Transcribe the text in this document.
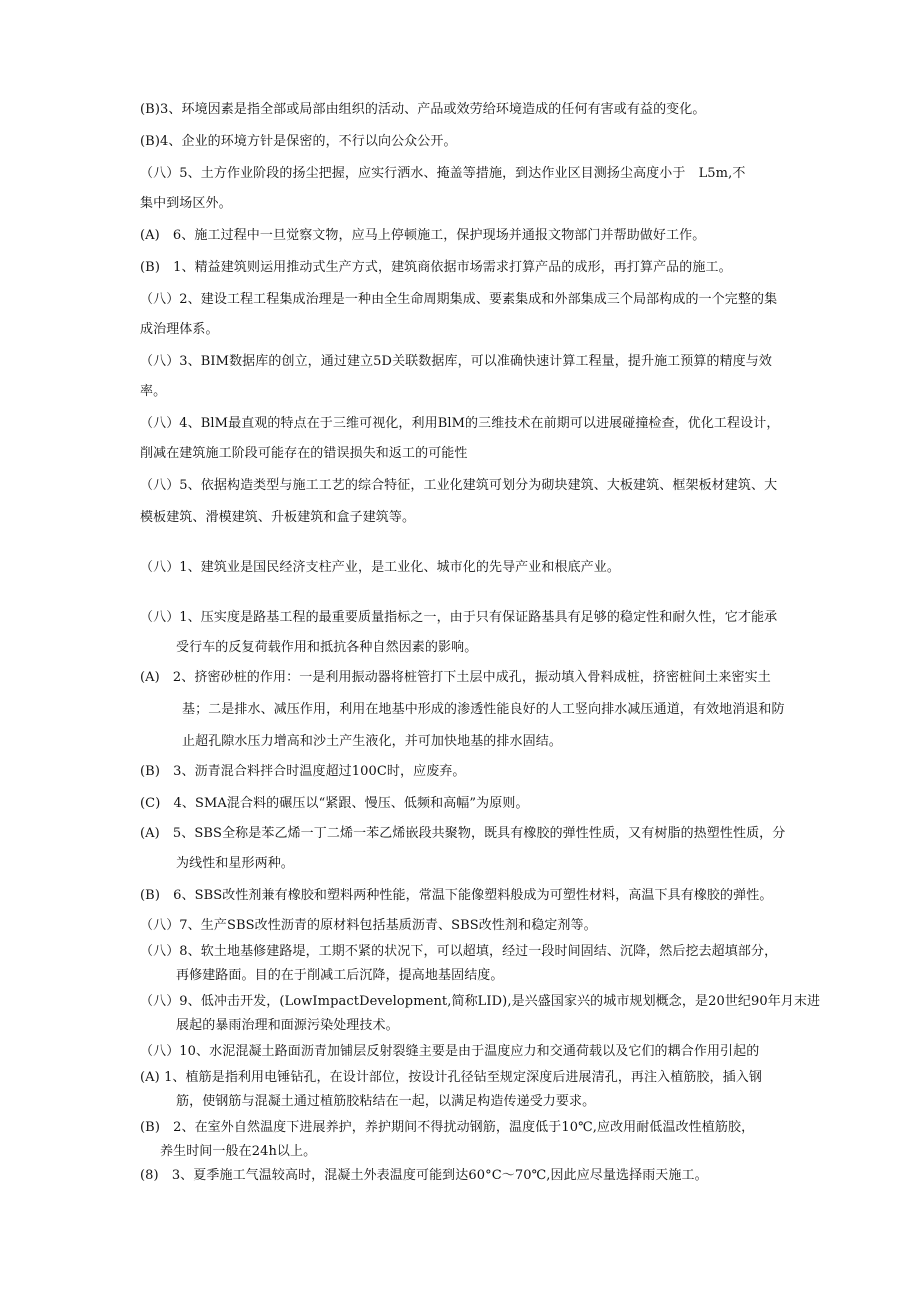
(B)3、环境因素是指全部或局部由组织的活动、产品或效劳给环境造成的任何有害或有益的变化。
(B)4、企业的环境方针是保密的，不行以向公众公开。
（八）5、土方作业阶段的扬尘把握，应实行洒水、掩盖等措施，到达作业区目测扬尘高度小于　L5m,不
集中到场区外。
(A)　6、施工过程中一旦觉察文物，应马上停顿施工，保护现场并通报文物部门并帮助做好工作。
(B)　1、精益建筑则运用推动式生产方式，建筑商依据市场需求打算产品的成形，再打算产品的施工。
（八）2、建设工程工程集成治理是一种由全生命周期集成、要素集成和外部集成三个局部构成的一个完整的集
成治理体系。
（八）3、BIM数据库的创立，通过建立5D关联数据库，可以准确快速计算工程量，提升施工预算的精度与效
率。
（八）4、BlM最直观的特点在于三维可视化，利用BlM的三维技术在前期可以进展碰撞检查，优化工程设计，
削减在建筑施工阶段可能存在的错误损失和返工的可能性
（八）5、依据构造类型与施工工艺的综合特征，工业化建筑可划分为砌块建筑、大板建筑、框架板材建筑、大
模板建筑、滑模建筑、升板建筑和盒子建筑等。
（八）1、建筑业是国民经济支柱产业，是工业化、城市化的先导产业和根底产业。
（八）1、压实度是路基工程的最重要质量指标之一，由于只有保证路基具有足够的稳定性和耐久性，它才能承
受行车的反复荷载作用和抵抗各种自然因素的影响。
(A)　2、挤密砂桩的作用：一是利用振动器将桩管打下土层中成孔，振动填入骨料成桩，挤密桩间土来密实土
基；二是排水、减压作用，利用在地基中形成的渗透性能良好的人工竖向排水减压通道，有效地消退和防
止超孔隙水压力增高和沙土产生液化，并可加快地基的排水固结。
(B)　3、沥青混合料拌合时温度超过100C时，应废弃。
(C)　4、SMA混合料的碾压以“紧跟、慢压、低频和高幅”为原则。
(A)　5、SBS全称是苯乙烯一丁二烯一苯乙烯嵌段共聚物，既具有橡胶的弹性性质，又有树脂的热塑性性质，分
为线性和星形两种。
(B)　6、SBS改性剂兼有橡胶和塑料两种性能，常温下能像塑料般成为可塑性材料，高温下具有橡胶的弹性。
（八）7、生产SBS改性沥青的原材料包括基质沥青、SBS改性剂和稳定剂等。
（八）8、软土地基修建路堤，工期不紧的状况下，可以超填，经过一段时间固结、沉降，然后挖去超填部分，
再修建路面。目的在于削减工后沉降，提高地基固结度。
（八）9、低冲击开发，(LowImpactDevelopment,简称LID),是兴盛国家兴的城市规划概念，是20世纪90年月末进
展起的暴雨治理和面源污染处理技术。
（八）10、水泥混凝土路面沥青加铺层反射裂缝主要是由于温度应力和交通荷载以及它们的耦合作用引起的
(A) 1、植筋是指利用电锤钻孔，在设计部位，按设计孔径钻至规定深度后进展清孔，再注入植筋胶，插入钢
筋，使钢筋与混凝土通过植筋胶粘结在一起，以满足构造传递受力要求。
(B)　2、在室外自然温度下进展养护，养护期间不得扰动钢筋，温度低于10℃,应改用耐低温改性植筋胶，
养生时间一般在24h以上。
(8)　3、夏季施工气温较高时，混凝土外表温度可能到达60°C～70℃,因此应尽量选择雨天施工。
